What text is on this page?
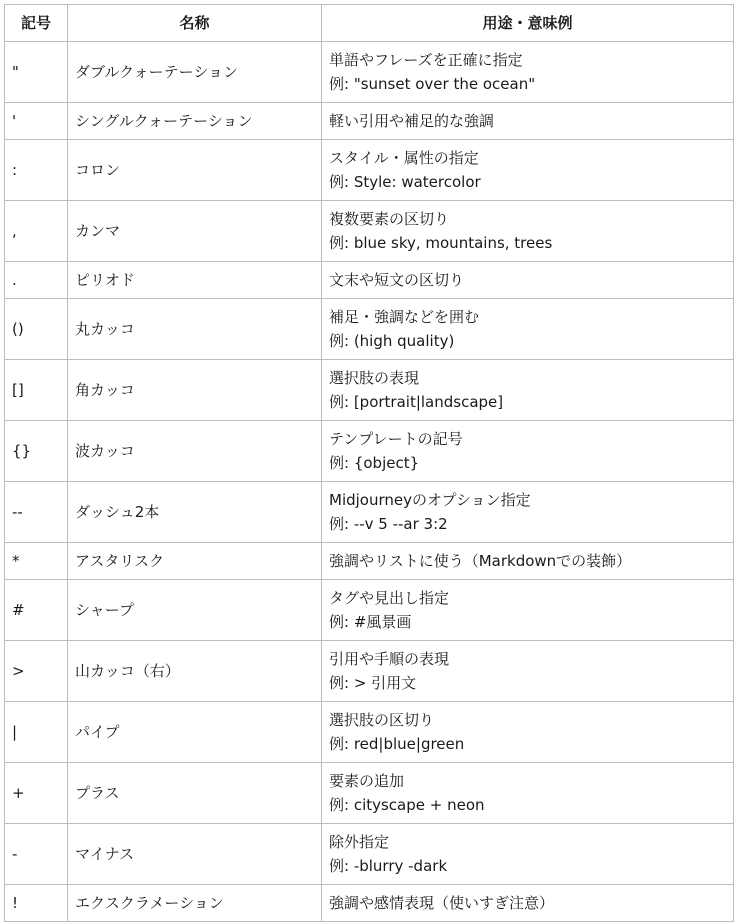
記号	名称	用途・意味例
"	ダブルクォーテーション	単語やフレーズを正確に指定
例: "sunset over the ocean"

'	シングルクォーテーション	軽い引用や補足的な強調

:	コロン	スタイル・属性の指定
例: Style: watercolor

,	カンマ	複数要素の区切り
例: blue sky, mountains, trees

.	ピリオド	文末や短文の区切り

()	丸カッコ	補足・強調などを囲む
例: (high quality)

[]	角カッコ	選択肢の表現
例: [portrait|landscape]

{}	波カッコ	テンプレートの記号
例: {object}

--	ダッシュ2本	Midjourneyのオプション指定
例: --v 5 --ar 3:2

*	アスタリスク	強調やリストに使う（Markdownでの装飾）

#	シャープ	タグや見出し指定
例: #風景画

>	山カッコ（右）	引用や手順の表現
例: > 引用文

|	パイプ	選択肢の区切り
例: red|blue|green

+	プラス	要素の追加
例: cityscape + neon

-	マイナス	除外指定
例: -blurry -dark

!	エクスクラメーション	強調や感情表現（使いすぎ注意）
